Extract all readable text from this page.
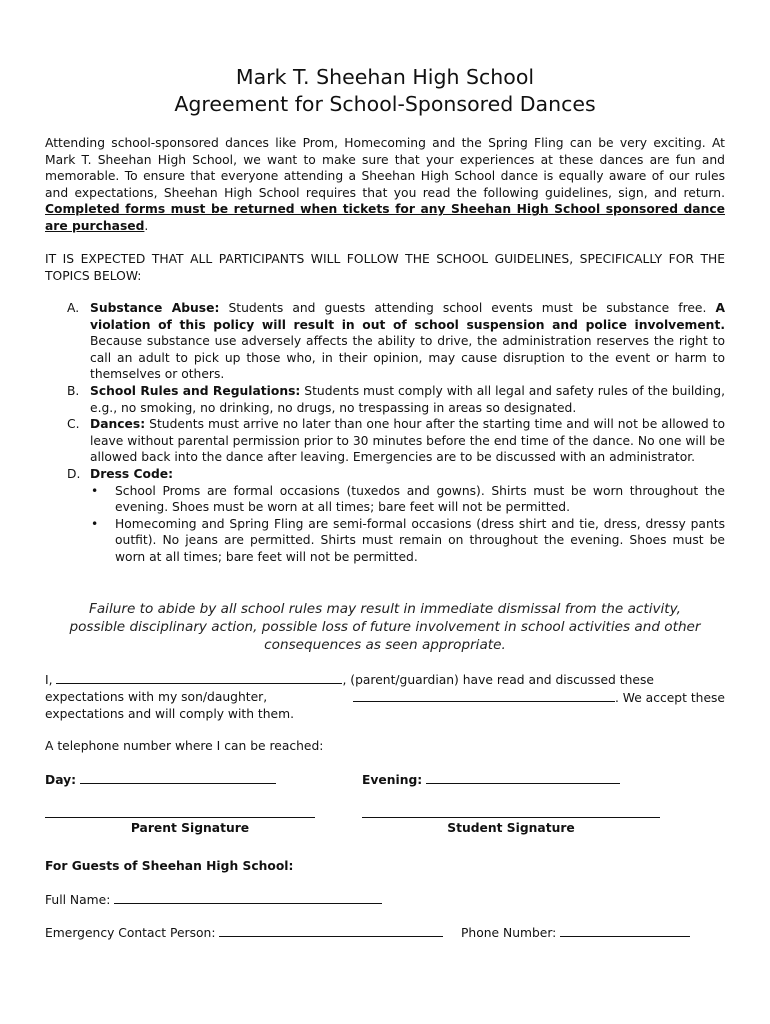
Mark T. Sheehan High School
Agreement for School-Sponsored Dances
Attending school-sponsored dances like Prom, Homecoming and the Spring Fling can be very exciting. At Mark T. Sheehan High School, we want to make sure that your experiences at these dances are fun and memorable. To ensure that everyone attending a Sheehan High School dance is equally aware of our rules and expectations, Sheehan High School requires that you read the following guidelines, sign, and return. Completed forms must be returned when tickets for any Sheehan High School sponsored dance are purchased.
IT IS EXPECTED THAT ALL PARTICIPANTS WILL FOLLOW THE SCHOOL GUIDELINES, SPECIFICALLY FOR THE TOPICS BELOW:
A. Substance Abuse: Students and guests attending school events must be substance free. A violation of this policy will result in out of school suspension and police involvement. Because substance use adversely affects the ability to drive, the administration reserves the right to call an adult to pick up those who, in their opinion, may cause disruption to the event or harm to themselves or others.
B. School Rules and Regulations: Students must comply with all legal and safety rules of the building, e.g., no smoking, no drinking, no drugs, no trespassing in areas so designated.
C. Dances: Students must arrive no later than one hour after the starting time and will not be allowed to leave without parental permission prior to 30 minutes before the end time of the dance. No one will be allowed back into the dance after leaving. Emergencies are to be discussed with an administrator.
D. Dress Code:
•	School Proms are formal occasions (tuxedos and gowns). Shirts must be worn throughout the evening. Shoes must be worn at all times; bare feet will not be permitted.
•	Homecoming and Spring Fling are semi-formal occasions (dress shirt and tie, dress, dressy pants outfit). No jeans are permitted. Shirts must remain on throughout the evening. Shoes must be worn at all times; bare feet will not be permitted.
Failure to abide by all school rules may result in immediate dismissal from the activity, possible disciplinary action, possible loss of future involvement in school activities and other consequences as seen appropriate.
I,	, (parent/guardian) have read and discussed these
expectations with my son/daughter,	. We accept these
expectations and will comply with them.
A telephone number where I can be reached:
Day:	Evening:
Parent Signature	Student Signature
For Guests of Sheehan High School:
Full Name:
Emergency Contact Person:	Phone Number:
